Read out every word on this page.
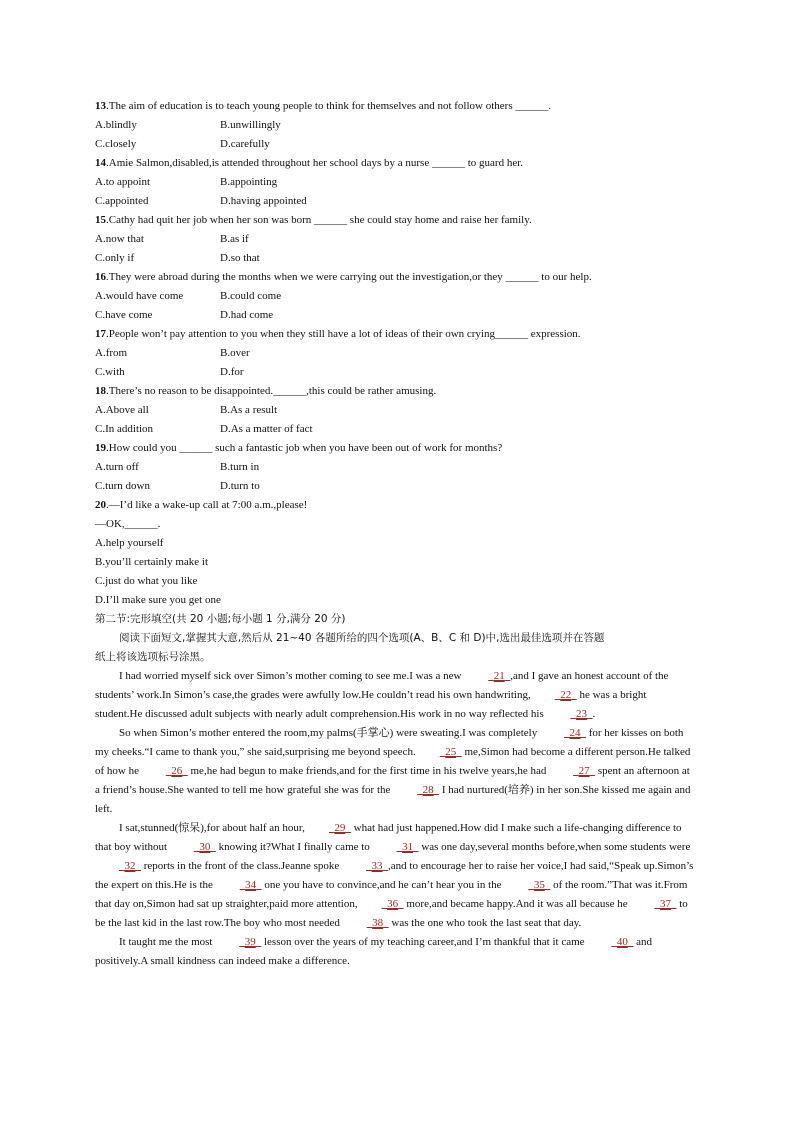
13.The aim of education is to teach young people to think for themselves and not follow others ______.
A.blindly	B.unwillingly
C.closely	D.carefully
14.Amie Salmon,disabled,is attended throughout her school days by a nurse ______ to guard her.
A.to appoint	B.appointing
C.appointed	D.having appointed
15.Cathy had quit her job when her son was born ______ she could stay home and raise her family.
A.now that	B.as if
C.only if	D.so that
16.They were abroad during the months when we were carrying out the investigation,or they ______ to our help.
A.would have come	B.could come
C.have come	D.had come
17.People won’t pay attention to you when they still have a lot of ideas of their own crying______ expression.
A.from	B.over
C.with	D.for
18.There’s no reason to be disappointed.______,this could be rather amusing.
A.Above all	B.As a result
C.In addition	D.As a matter of fact
19.How could you ______ such a fantastic job when you have been out of work for months?
A.turn off	B.turn in
C.turn down	D.turn to
20.—I’d like a wake-up call at 7:00 a.m.,please!
—OK,______.
A.help yourself
B.you’ll certainly make it
C.just do what you like
D.I’ll make sure you get one
第二节:完形填空(共 20 小题;每小题 1 分,满分 20 分)
阅读下面短文,掌握其大意,然后从 21~40 各题所给的四个选项(A、B、C 和 D)中,选出最佳选项并在答题
纸上将该选项标号涂黑。
I had worried myself sick over Simon’s mother coming to see me.I was a new	21 ,and I gave an honest account of the students’ work.In Simon’s case,the grades were awfully low.He couldn’t read his own handwriting,	22   he was a bright student.He discussed adult subjects with nearly adult comprehension.His work in no way reflected his	23 .
So when Simon’s mother entered the room,my palms(手掌心) were sweating.I was completely	24   for her kisses on both my cheeks.“I came to thank you,” she said,surprising me beyond speech.	25   me,Simon had become a different person.He talked of how he	26   me,he had begun to make friends,and for the first time in his twelve years,he had	27   spent an afternoon at a friend’s house.She wanted to tell me how grateful she was for the	28   I had nurtured(培养) in her son.She kissed me again and left.
I sat,stunned(惊呆),for about half an hour,	29   what had just happened.How did I make such a life-changing difference to that boy without	30   knowing it?What I finally came to	31   was one day,several months before,when some students were   32   reports in the front of the class.Jeanne spoke	33 ,and to encourage her to raise her voice,I had said,“Speak up.Simon’s the expert on this.He is the	34   one you have to convince,and he can’t hear you in the	35   of the room.”That was it.From that day on,Simon had sat up straighter,paid more attention,	36   more,and became happy.And it was all because he	37   to be the last kid in the last row.The boy who most needed	38   was the one who took the last seat that day.
It taught me the most	39   lesson over the years of my teaching career,and I’m thankful that it came	40   and positively.A small kindness can indeed make a difference.
